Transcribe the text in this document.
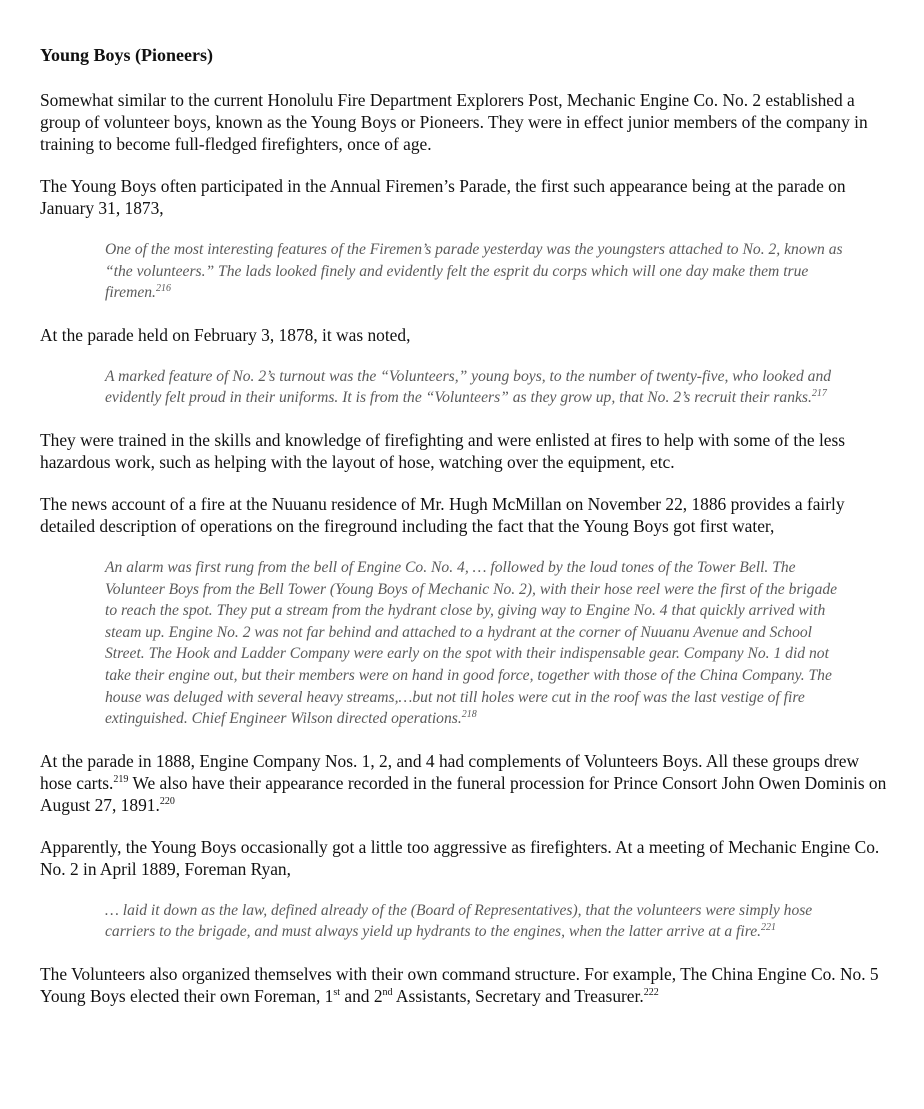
Young Boys (Pioneers)

Somewhat similar to the current Honolulu Fire Department Explorers Post, Mechanic Engine Co. No. 2 established a group of volunteer boys, known as the Young Boys or Pioneers. They were in effect junior members of the company in training to become full-fledged firefighters, once of age.

The Young Boys often participated in the Annual Firemen’s Parade, the first such appearance being at the parade on January 31, 1873,

One of the most interesting features of the Firemen’s parade yesterday was the youngsters attached to No. 2, known as “the volunteers.” The lads looked finely and evidently felt the esprit du corps which will one day make them true firemen.$^{216}$

At the parade held on February 3, 1878, it was noted,

A marked feature of No. 2’s turnout was the “Volunteers,” young boys, to the number of twenty-five, who looked and evidently felt proud in their uniforms. It is from the “Volunteers” as they grow up, that No. 2’s recruit their ranks.$^{217}$

They were trained in the skills and knowledge of firefighting and were enlisted at fires to help with some of the less hazardous work, such as helping with the layout of hose, watching over the equipment, etc.

The news account of a fire at the Nuuanu residence of Mr. Hugh McMillan on November 22, 1886 provides a fairly detailed description of operations on the fireground including the fact that the Young Boys got first water,

An alarm was first rung from the bell of Engine Co. No. 4, … followed by the loud tones of the Tower Bell. The Volunteer Boys from the Bell Tower (Young Boys of Mechanic No. 2), with their hose reel were the first of the brigade to reach the spot. They put a stream from the hydrant close by, giving way to Engine No. 4 that quickly arrived with steam up. Engine No. 2 was not far behind and attached to a hydrant at the corner of Nuuanu Avenue and School Street. The Hook and Ladder Company were early on the spot with their indispensable gear. Company No. 1 did not take their engine out, but their members were on hand in good force, together with those of the China Company. The house was deluged with several heavy streams,…but not till holes were cut in the roof was the last vestige of fire extinguished. Chief Engineer Wilson directed operations.$^{218}$

At the parade in 1888, Engine Company Nos. 1, 2, and 4 had complements of Volunteers Boys. All these groups drew hose carts.$^{219}$ We also have their appearance recorded in the funeral procession for Prince Consort John Owen Dominis on August 27, 1891.$^{220}$

Apparently, the Young Boys occasionally got a little too aggressive as firefighters. At a meeting of Mechanic Engine Co. No. 2 in April 1889, Foreman Ryan,

… laid it down as the law, defined already of the (Board of Representatives), that the volunteers were simply hose carriers to the brigade, and must always yield up hydrants to the engines, when the latter arrive at a fire.$^{221}$

The Volunteers also organized themselves with their own command structure. For example, The China Engine Co. No. 5 Young Boys elected their own Foreman, 1st and 2nd Assistants, Secretary and Treasurer.$^{222}$
